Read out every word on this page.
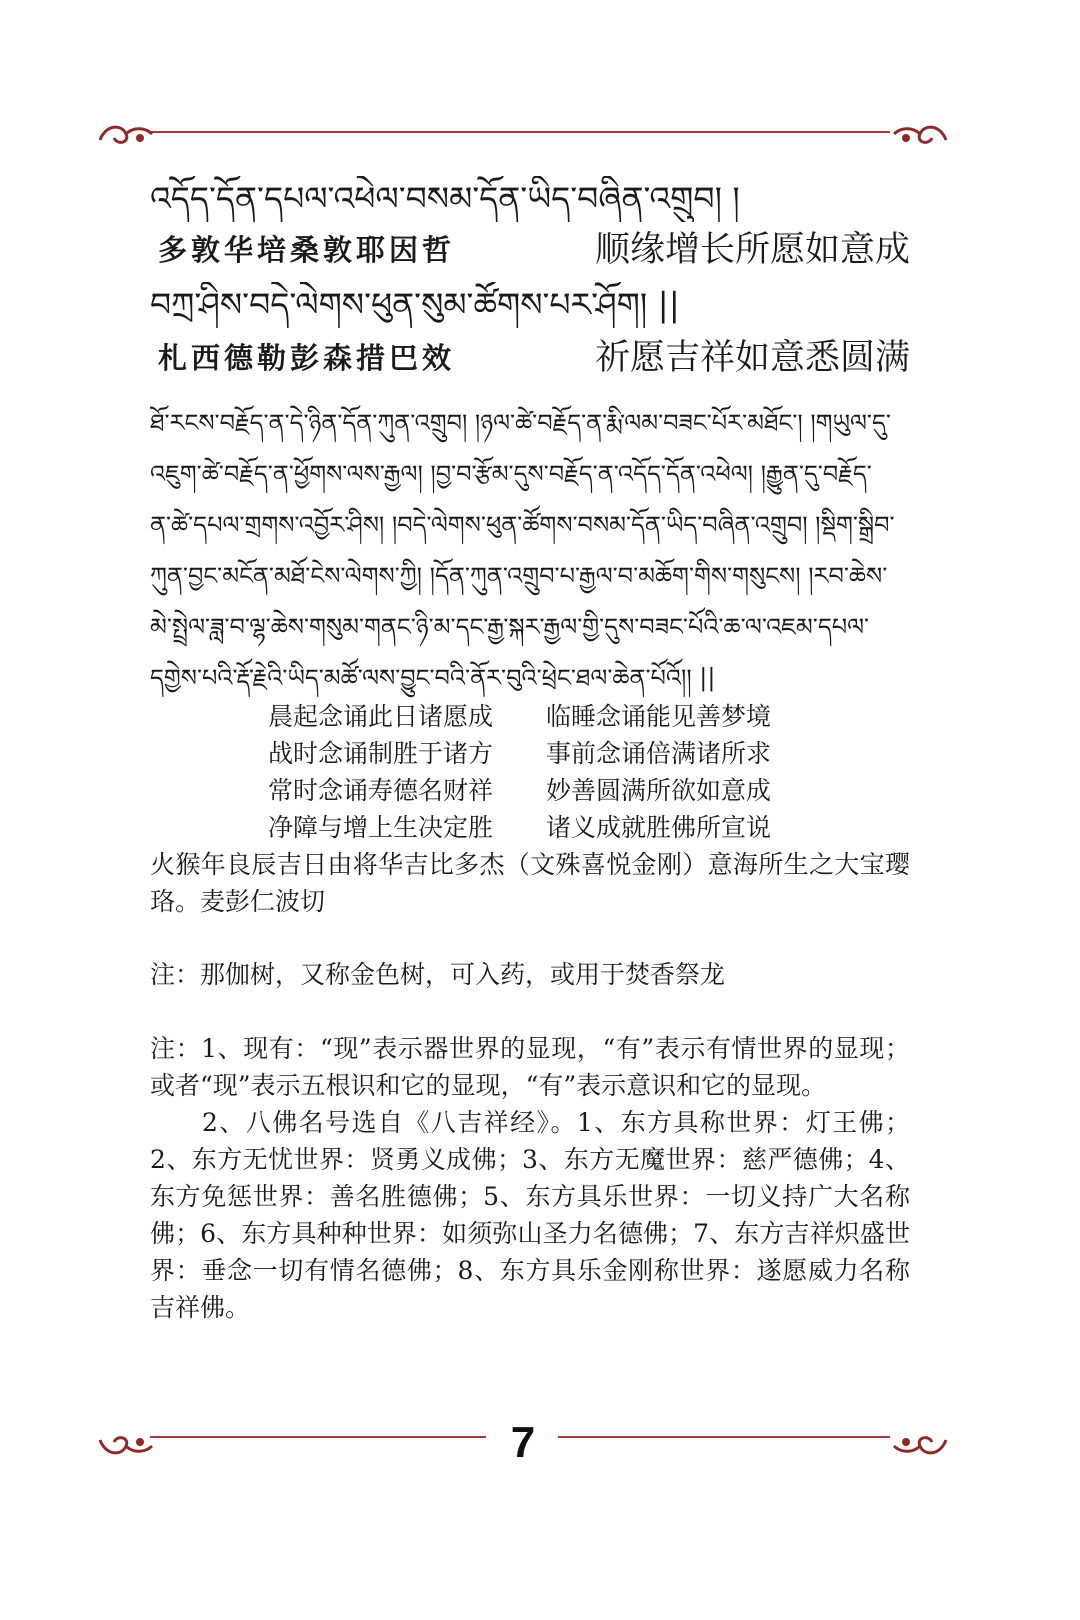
འདོད་དོན་དཔལ་འཕེལ་བསམ་དོན་ཡིད་བཞིན་འགྲུབ། །
多敦华培桑敦耶因哲	顺缘增长所愿如意成
བཀྲ་ཤིས་བདེ་ལེགས་ཕུན་སུམ་ཚོགས་པར་ཤོག། ||
札西德勒彭森措巴效	祈愿吉祥如意悉圆满
ཐོ་རངས་བརྗོད་ན་དེ་ཉིན་དོན་ཀུན་འགྲུབ། །ཉལ་ཚེ་བརྗོད་ན་རྨི་ལམ་བཟང་པོར་མཐོང་། །གཡུལ་དུ་
འཇུག་ཚེ་བརྗོད་ན་ཕྱོགས་ལས་རྒྱལ། །བྱ་བ་རྩོམ་དུས་བརྗོད་ན་འདོད་དོན་འཕེལ། །རྒྱུན་དུ་བརྗོད་
ན་ཚེ་དཔལ་གྲགས་འབྱོར་ཤིས། །བདེ་ལེགས་ཕུན་ཚོགས་བསམ་དོན་ཡིད་བཞིན་འགྲུབ། །སྡིག་སྒྲིབ་
ཀུན་བྱང་མངོན་མཐོ་ངེས་ལེགས་ཀྱི། །དོན་ཀུན་འགྲུབ་པ་རྒྱལ་བ་མཆོག་གིས་གསུངས། །རབ་ཆེས་
མེ་སྤྲེལ་ཟླ་བ་ལྷ་ཆེས་གསུམ་གནང་ཉི་མ་དང་རྒྱ་སྐར་རྒྱལ་གྱི་དུས་བཟང་པོའི་ཆ་ལ་འཇམ་དཔལ་
དགྱེས་པའི་རྡོ་རྗེའི་ཡིད་མཚོ་ལས་བྱུང་བའི་ནོར་བུའི་ཕྲེང་ཐལ་ཆེན་པོའོ།། ||
晨起念诵此日诸愿成 临睡念诵能见善梦境
战时念诵制胜于诸方 事前念诵倍满诸所求
常时念诵寿德名财祥 妙善圆满所欲如意成
净障与增上生决定胜 诸义成就胜佛所宣说
火猴年良辰吉日由将华吉比多杰（文殊喜悦金刚）意海所生之大宝璎珞。麦彭仁波切
注：那伽树，又称金色树，可入药，或用于焚香祭龙

注：1、现有：“现”表示器世界的显现，“有”表示有情世界的显现；或者“现”表示五根识和它的显现，“有”表示意识和它的显现。

2、八佛名号选自《八吉祥经》。1、东方具称世界：灯王佛；2、东方无忧世界：贤勇义成佛；3、东方无魔世界：慈严德佛；4、东方免惩世界：善名胜德佛；5、东方具乐世界：一切义持广大名称佛；6、东方具种种世界：如须弥山圣力名德佛；7、东方吉祥炽盛世界：垂念一切有情名德佛；8、东方具乐金刚称世界：遂愿威力名称吉祥佛。

7
